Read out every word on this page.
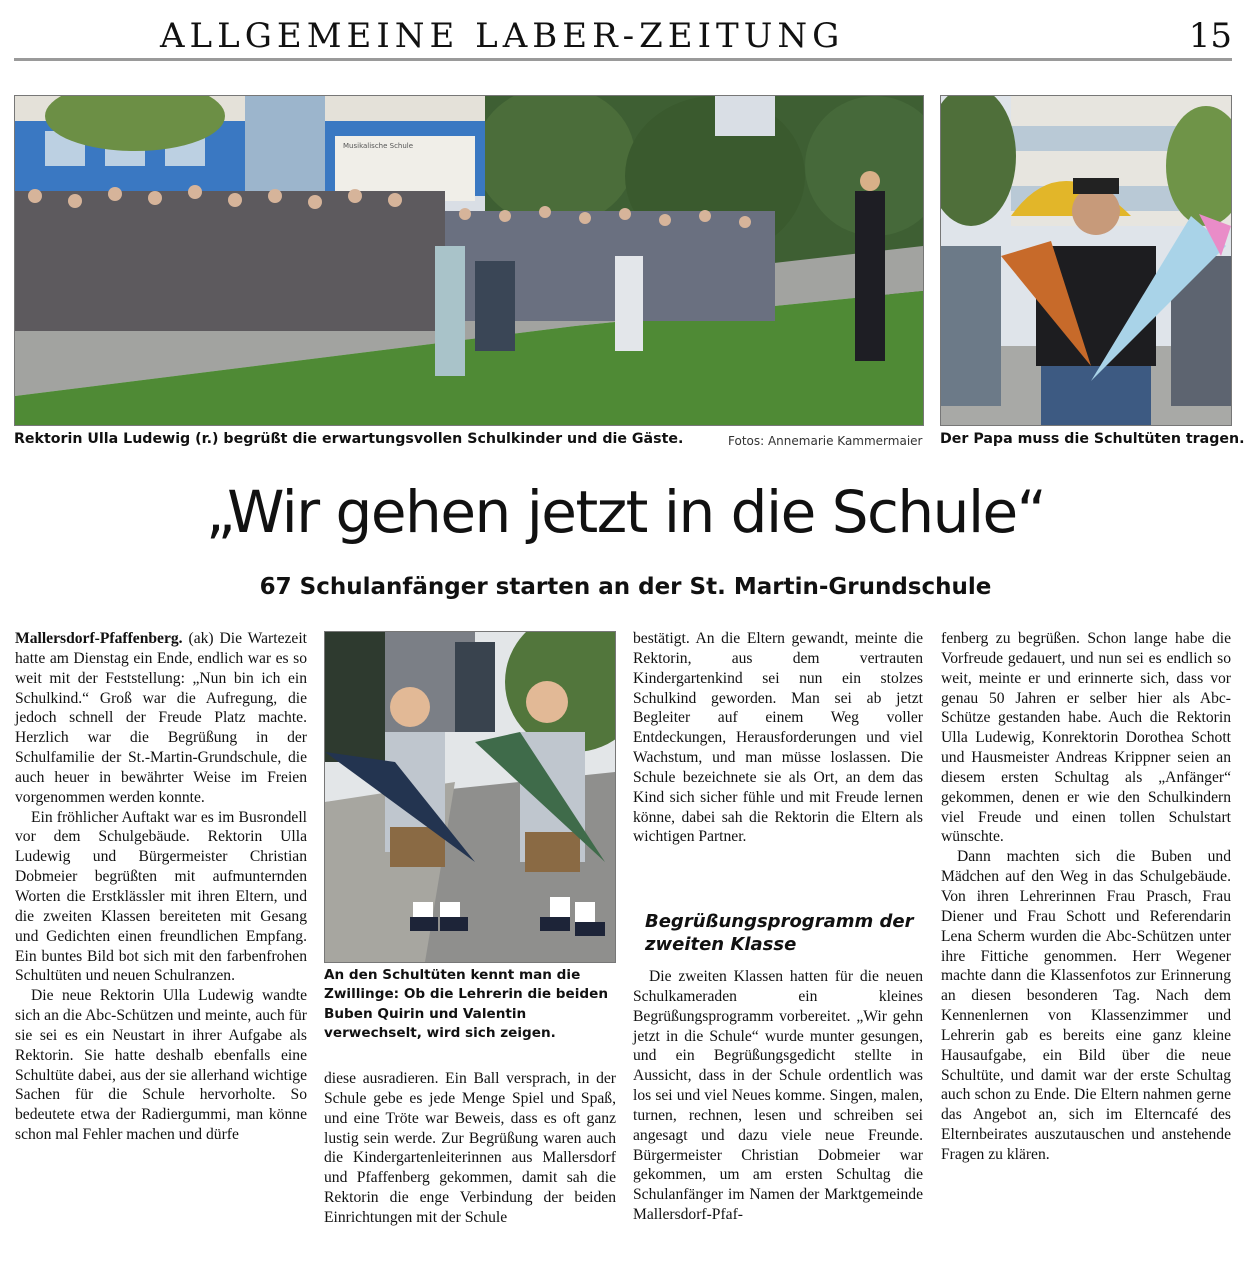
ALLGEMEINE LABER-ZEITUNG	15
Musikalische Schule
Rektorin Ulla Ludewig (r.) begrüßt die erwartungsvollen Schulkinder und die Gäste.	Fotos: Annemarie Kammermaier Der Papa muss die Schultüten tragen.
„Wir gehen jetzt in die Schule“
67 Schulanfänger starten an der St. Martin-Grundschule

Mallersdorf-Pfaffenberg. (ak) Die Wartezeit hatte am Dienstag ein Ende, endlich war es so weit mit der Feststellung: „Nun bin ich ein Schulkind.“ Groß war die Aufregung, die jedoch schnell der Freude Platz machte. Herzlich war die Begrüßung in der Schulfamilie der St.-Martin-Grundschule, die auch heuer in bewährter Weise im Freien vorgenommen werden konnte.

Ein fröhlicher Auftakt war es im Busrondell vor dem Schulgebäude. Rektorin Ulla Ludewig und Bürgermeister Christian Dobmeier begrüßten mit aufmunternden Worten die Erstklässler mit ihren Eltern, und die zweiten Klassen bereiteten mit Gesang und Gedichten einen freundlichen Empfang. Ein buntes Bild bot sich mit den farbenfrohen Schultüten und neuen Schulranzen.

Die neue Rektorin Ulla Ludewig wandte sich an die Abc-Schützen und meinte, auch für sie sei es ein Neustart in ihrer Aufgabe als Rektorin. Sie hatte deshalb ebenfalls eine Schultüte dabei, aus der sie allerhand wichtige Sachen für die Schule hervorholte. So bedeutete etwa der Radiergummi, man könne schon mal Fehler machen und dürfe

An den Schultüten kennt man die Zwillinge: Ob die Lehrerin die beiden Buben Quirin und Valentin verwechselt, wird sich zeigen.

diese ausradieren. Ein Ball versprach, in der Schule gebe es jede Menge Spiel und Spaß, und eine Tröte war Beweis, dass es oft ganz lustig sein werde. Zur Begrüßung waren auch die Kindergartenleiterinnen aus Mallersdorf und Pfaffenberg gekommen, damit sah die Rektorin die enge Verbindung der beiden Einrichtungen mit der Schule

bestätigt. An die Eltern gewandt, meinte die Rektorin, aus dem vertrauten Kindergartenkind sei nun ein stolzes Schulkind geworden. Man sei ab jetzt Begleiter auf einem Weg voller Entdeckungen, Herausforderungen und viel Wachstum, und man müsse loslassen. Die Schule bezeichnete sie als Ort, an dem das Kind sich sicher fühle und mit Freude lernen könne, dabei sah die Rektorin die Eltern als wichtigen Partner.

Begrüßungsprogramm der zweiten Klasse

Die zweiten Klassen hatten für die neuen Schulkameraden ein kleines Begrüßungsprogramm vorbereitet. „Wir gehn jetzt in die Schule“ wurde munter gesungen, und ein Begrüßungsgedicht stellte in Aussicht, dass in der Schule ordentlich was los sei und viel Neues komme. Singen, malen, turnen, rechnen, lesen und schreiben sei angesagt und dazu viele neue Freunde. Bürgermeister Christian Dobmeier war gekommen, um am ersten Schultag die Schulanfänger im Namen der Marktgemeinde Mallersdorf-Pfaf-

fenberg zu begrüßen. Schon lange habe die Vorfreude gedauert, und nun sei es endlich so weit, meinte er und erinnerte sich, dass vor genau 50 Jahren er selber hier als Abc-Schütze gestanden habe. Auch die Rektorin Ulla Ludewig, Konrektorin Dorothea Schott und Hausmeister Andreas Krippner seien an diesem ersten Schultag als „Anfänger“ gekommen, denen er wie den Schulkindern viel Freude und einen tollen Schulstart wünschte.

Dann machten sich die Buben und Mädchen auf den Weg in das Schulgebäude. Von ihren Lehrerinnen Frau Prasch, Frau Diener und Frau Schott und Referendarin Lena Scherm wurden die Abc-Schützen unter ihre Fittiche genommen. Herr Wegener machte dann die Klassenfotos zur Erinnerung an diesen besonderen Tag. Nach dem Kennenlernen von Klassenzimmer und Lehrerin gab es bereits eine ganz kleine Hausaufgabe, ein Bild über die neue Schultüte, und damit war der erste Schultag auch schon zu Ende. Die Eltern nahmen gerne das Angebot an, sich im Elterncafé des Elternbeirates auszutauschen und anstehende Fragen zu klären.
